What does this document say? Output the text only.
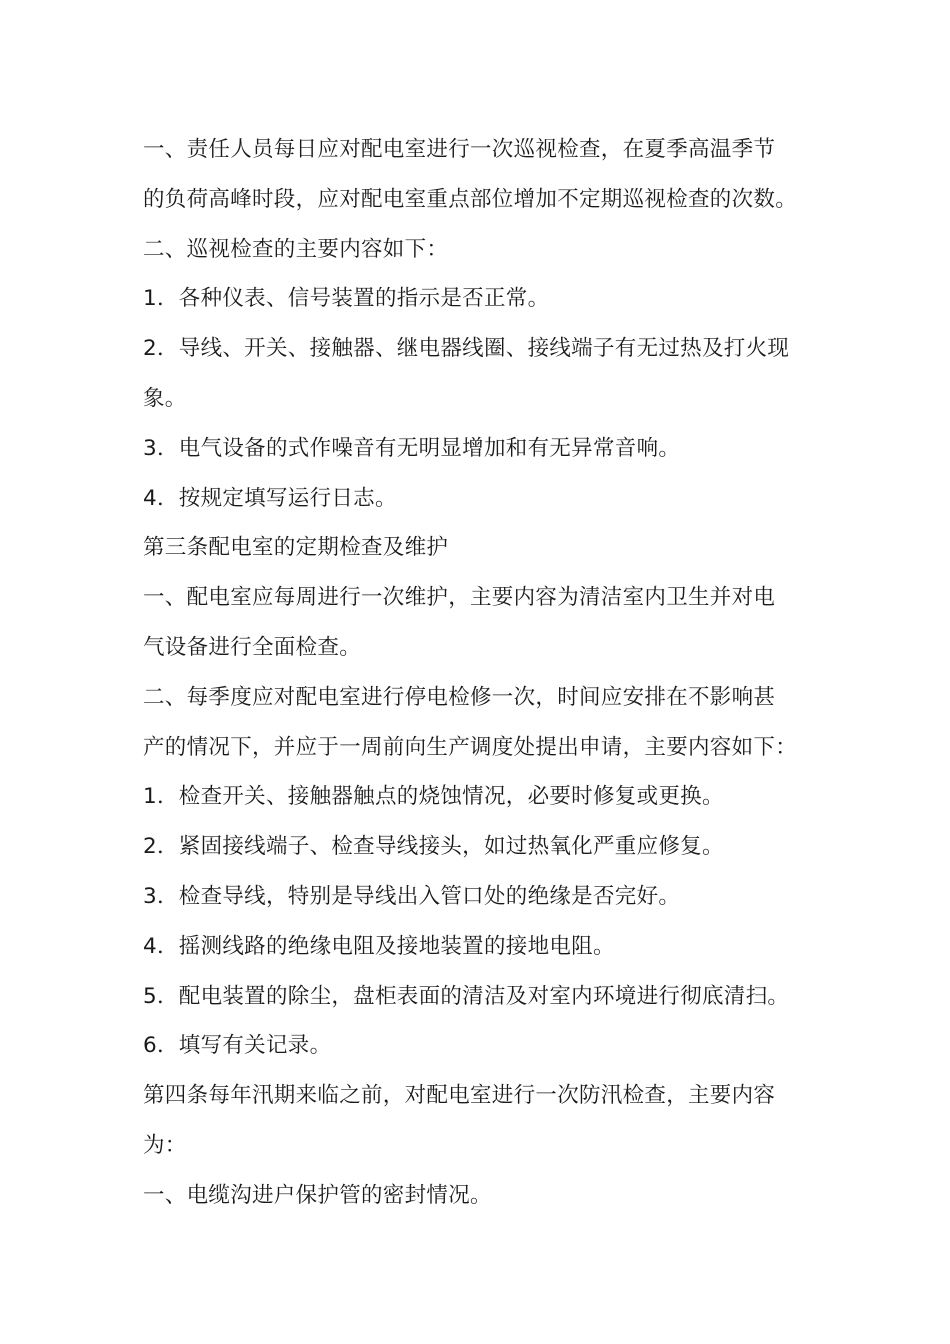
一、责任人员每日应对配电室进行一次巡视检查，在夏季高温季节
的负荷高峰时段，应对配电室重点部位增加不定期巡视检查的次数。
二、巡视检查的主要内容如下：
1．各种仪表、信号装置的指示是否正常。
2．导线、开关、接触器、继电器线圈、接线端子有无过热及打火现
象。
3．电气设备的式作噪音有无明显增加和有无异常音响。
4．按规定填写运行日志。
第三条配电室的定期检查及维护
一、配电室应每周进行一次维护，主要内容为清洁室内卫生并对电
气设备进行全面检查。
二、每季度应对配电室进行停电检修一次，时间应安排在不影响甚
产的情况下，并应于一周前向生产调度处提出申请，主要内容如下：
1．检查开关、接触器触点的烧蚀情况，必要时修复或更换。
2．紧固接线端子、检查导线接头，如过热氧化严重应修复。
3．检查导线，特别是导线出入管口处的绝缘是否完好。
4．摇测线路的绝缘电阻及接地装置的接地电阻。
5．配电装置的除尘，盘柜表面的清洁及对室内环境进行彻底清扫。
6．填写有关记录。
第四条每年汛期来临之前，对配电室进行一次防汛检查，主要内容
为：
一、电缆沟进户保护管的密封情况。
